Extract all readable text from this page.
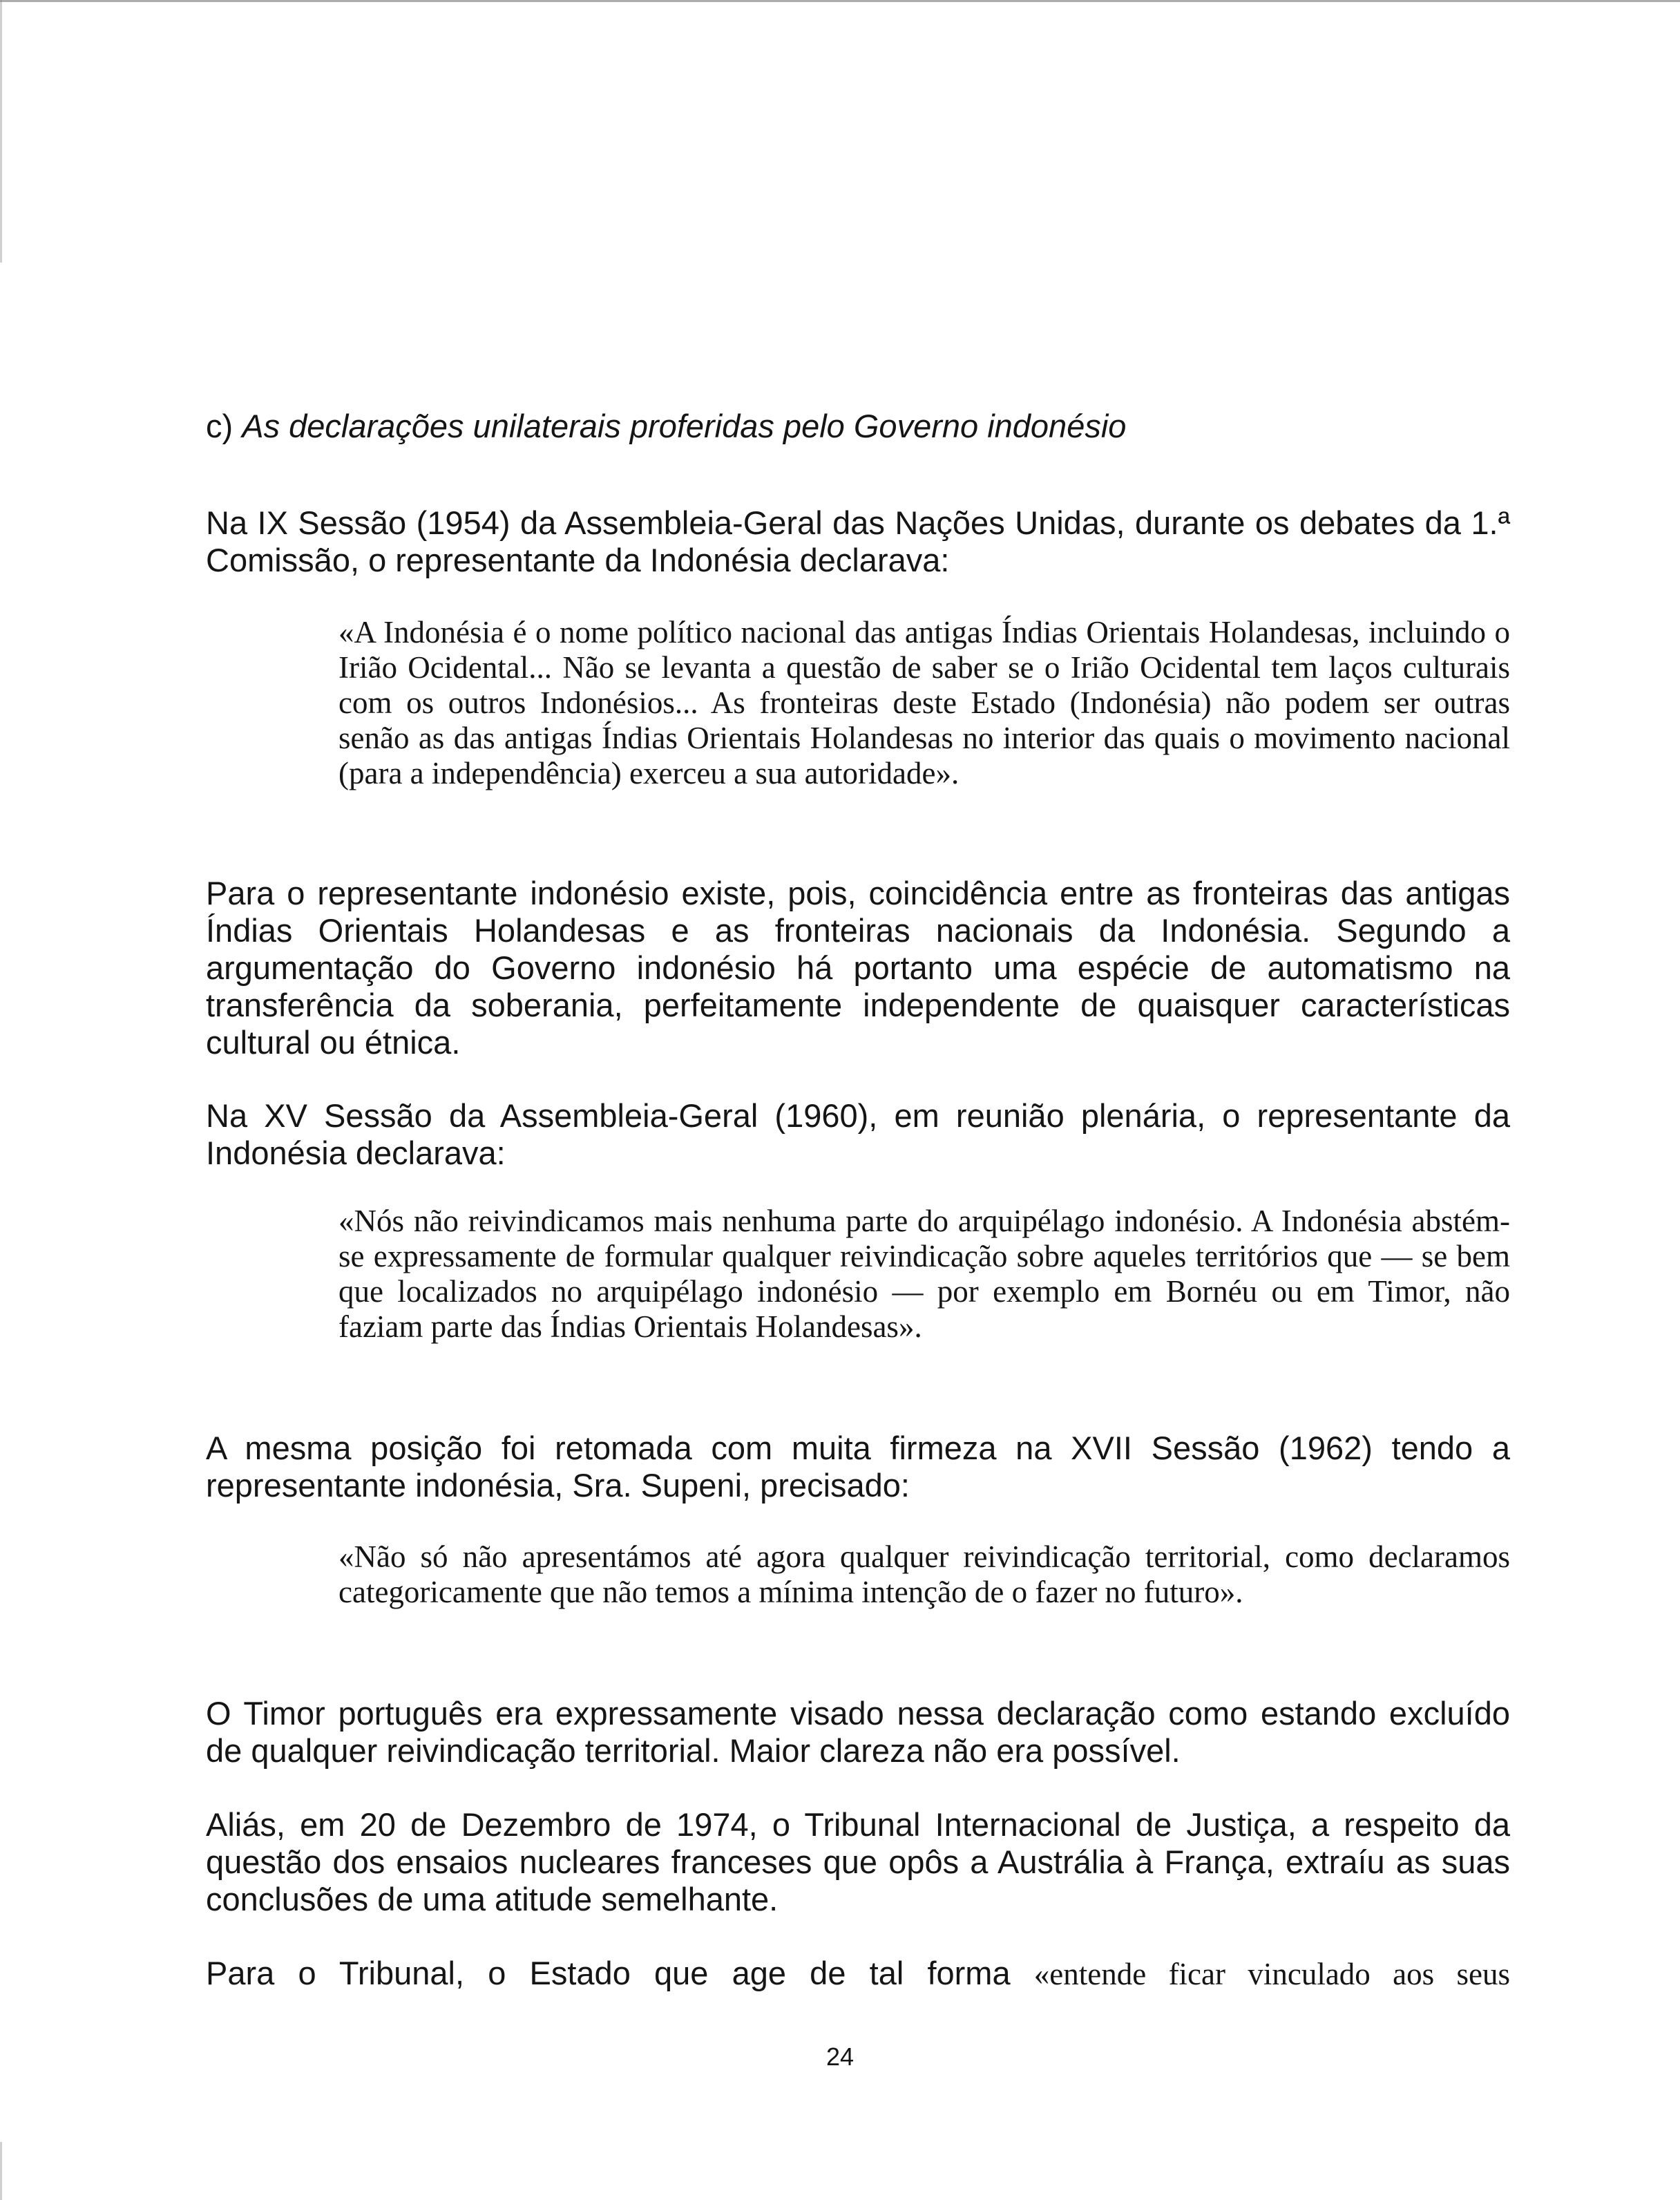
c) As declarações unilaterais proferidas pelo Governo indonésio

Na IX Sessão (1954) da Assembleia-Geral das Nações Unidas, durante os debates da 1.ª Comissão, o representante da Indonésia declarava:

«A Indonésia é o nome político nacional das antigas Índias Orientais Holandesas, incluindo o Irião Ocidental... Não se levanta a questão de saber se o Irião Ocidental tem laços culturais com os outros Indonésios... As fronteiras deste Estado (Indonésia) não podem ser outras senão as das antigas Índias Orientais Holandesas no interior das quais o movimento nacional (para a independência) exerceu a sua autoridade».

Para o representante indonésio existe, pois, coincidência entre as fronteiras das antigas Índias Orientais Holandesas e as fronteiras nacionais da Indonésia. Segundo a argumentação do Governo indonésio há portanto uma espécie de automatismo na transferência da soberania, perfeitamente independente de quaisquer características cultural ou étnica.

Na XV Sessão da Assembleia-Geral (1960), em reunião plenária, o representante da Indonésia declarava:

«Nós não reivindicamos mais nenhuma parte do arquipélago indonésio. A Indonésia abstém-se expressamente de formular qualquer reivindicação sobre aqueles territórios que — se bem que localizados no arquipélago indonésio — por exemplo em Bornéu ou em Timor, não faziam parte das Índias Orientais Holandesas».

A mesma posição foi retomada com muita firmeza na XVII Sessão (1962) tendo a representante indonésia, Sra. Supeni, precisado:

«Não só não apresentámos até agora qualquer reivindicação territorial, como declaramos categoricamente que não temos a mínima intenção de o fazer no futuro».

O Timor português era expressamente visado nessa declaração como estando excluído de qualquer reivindicação territorial. Maior clareza não era possível.

Aliás, em 20 de Dezembro de 1974, o Tribunal Internacional de Justiça, a respeito da questão dos ensaios nucleares franceses que opôs a Austrália à França, extraíu as suas conclusões de uma atitude semelhante.

Para o Tribunal, o Estado que age de tal forma «entende ficar vinculado aos seus

24
